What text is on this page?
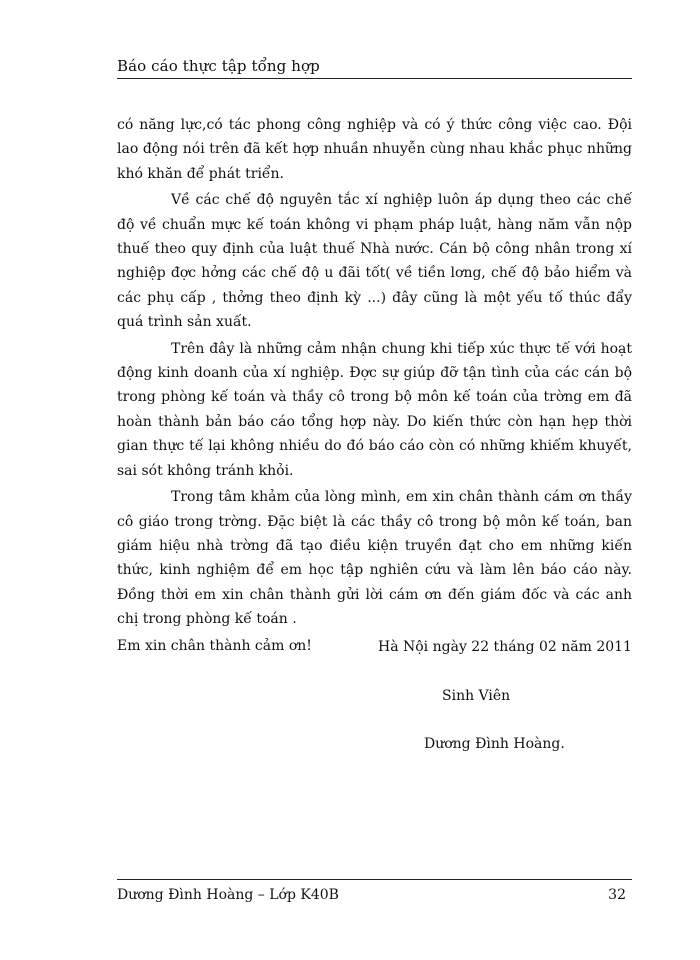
Báo cáo thực tập tổng hợp

có năng lực,có tác phong công nghiệp và có ý thức công việc cao. Đội lao động nói trên đã kết hợp nhuần nhuyễn cùng nhau khắc phục những khó khăn để phát triển.

Về các chế độ nguyên tắc xí nghiệp luôn áp dụng theo các chế độ về chuẩn mực kế toán không vi phạm pháp luật, hàng năm vẫn nộp thuế theo quy định của luật thuế Nhà nước. Cán bộ công nhân trong xí nghiệp đợc hởng các chế độ u đãi tốt( về tiền lơng, chế độ bảo hiểm và các phụ cấp , thởng theo định kỳ ...) đây cũng là một yếu tố thúc đẩy quá trình sản xuất.

Trên đây là những cảm nhận chung khi tiếp xúc thực tế với hoạt động kinh doanh của xí nghiệp. Đợc sự giúp đỡ tận tình của các cán bộ trong phòng kế toán và thầy cô trong bộ môn kế toán của trờng em đã hoàn thành bản báo cáo tổng hợp này. Do kiến thức còn hạn hẹp thời gian thực tế lại không nhiều do đó báo cáo còn có những khiếm khuyết, sai sót không tránh khỏi.

Trong tâm khảm của lòng mình, em xin chân thành cám ơn thầy cô giáo trong trờng. Đặc biệt là các thầy cô trong bộ môn kế toán, ban giám hiệu nhà trờng đã tạo điều kiện truyền đạt cho em những kiến thức, kinh nghiệm để em học tập nghiên cứu và làm lên báo cáo này. Đồng thời em xin chân thành gửi lời cám ơn đến giám đốc và các anh chị trong phòng kế toán .

Em xin chân thành cảm ơn!	Hà Nội ngày 22 tháng 02 năm 2011
Sinh Viên
Dương Đình Hoàng.
Dương Đình Hoàng – Lớp K40B	32
